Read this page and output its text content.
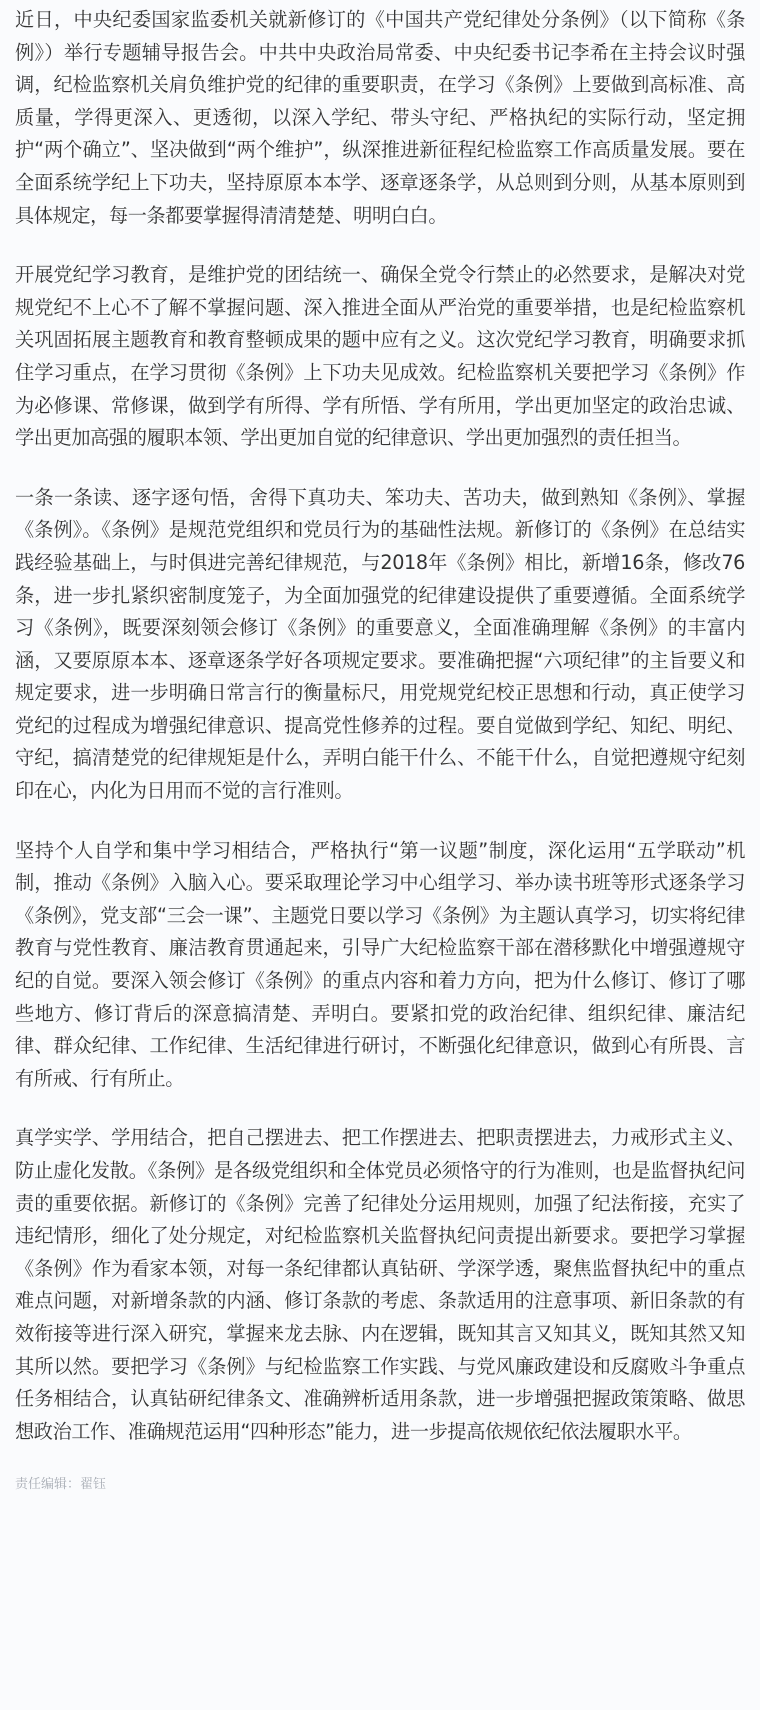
近日，中央纪委国家监委机关就新修订的《中国共产党纪律处分条例》（以下简称《条例》）举行专题辅导报告会。中共中央政治局常委、中央纪委书记李希在主持会议时强调，纪检监察机关肩负维护党的纪律的重要职责，在学习《条例》上要做到高标准、高质量，学得更深入、更透彻，以深入学纪、带头守纪、严格执纪的实际行动，坚定拥护“两个确立”、坚决做到“两个维护”，纵深推进新征程纪检监察工作高质量发展。要在全面系统学纪上下功夫，坚持原原本本学、逐章逐条学，从总则到分则，从基本原则到具体规定，每一条都要掌握得清清楚楚、明明白白。

开展党纪学习教育，是维护党的团结统一、确保全党令行禁止的必然要求，是解决对党规党纪不上心不了解不掌握问题、深入推进全面从严治党的重要举措，也是纪检监察机关巩固拓展主题教育和教育整顿成果的题中应有之义。这次党纪学习教育，明确要求抓住学习重点，在学习贯彻《条例》上下功夫见成效。纪检监察机关要把学习《条例》作为必修课、常修课，做到学有所得、学有所悟、学有所用，学出更加坚定的政治忠诚、学出更加高强的履职本领、学出更加自觉的纪律意识、学出更加强烈的责任担当。

一条一条读、逐字逐句悟，舍得下真功夫、笨功夫、苦功夫，做到熟知《条例》、掌握《条例》。《条例》是规范党组织和党员行为的基础性法规。新修订的《条例》在总结实践经验基础上，与时俱进完善纪律规范，与2018年《条例》相比，新增16条，修改76条，进一步扎紧织密制度笼子，为全面加强党的纪律建设提供了重要遵循。全面系统学习《条例》，既要深刻领会修订《条例》的重要意义，全面准确理解《条例》的丰富内涵，又要原原本本、逐章逐条学好各项规定要求。要准确把握“六项纪律”的主旨要义和规定要求，进一步明确日常言行的衡量标尺，用党规党纪校正思想和行动，真正使学习党纪的过程成为增强纪律意识、提高党性修养的过程。要自觉做到学纪、知纪、明纪、守纪，搞清楚党的纪律规矩是什么，弄明白能干什么、不能干什么，自觉把遵规守纪刻印在心，内化为日用而不觉的言行准则。

坚持个人自学和集中学习相结合，严格执行“第一议题”制度，深化运用“五学联动”机制，推动《条例》入脑入心。要采取理论学习中心组学习、举办读书班等形式逐条学习《条例》，党支部“三会一课”、主题党日要以学习《条例》为主题认真学习，切实将纪律教育与党性教育、廉洁教育贯通起来，引导广大纪检监察干部在潜移默化中增强遵规守纪的自觉。要深入领会修订《条例》的重点内容和着力方向，把为什么修订、修订了哪些地方、修订背后的深意搞清楚、弄明白。要紧扣党的政治纪律、组织纪律、廉洁纪律、群众纪律、工作纪律、生活纪律进行研讨，不断强化纪律意识，做到心有所畏、言有所戒、行有所止。

真学实学、学用结合，把自己摆进去、把工作摆进去、把职责摆进去，力戒形式主义、防止虚化发散。《条例》是各级党组织和全体党员必须恪守的行为准则，也是监督执纪问责的重要依据。新修订的《条例》完善了纪律处分运用规则，加强了纪法衔接，充实了违纪情形，细化了处分规定，对纪检监察机关监督执纪问责提出新要求。要把学习掌握《条例》作为看家本领，对每一条纪律都认真钻研、学深学透，聚焦监督执纪中的重点难点问题，对新增条款的内涵、修订条款的考虑、条款适用的注意事项、新旧条款的有效衔接等进行深入研究，掌握来龙去脉、内在逻辑，既知其言又知其义，既知其然又知其所以然。要把学习《条例》与纪检监察工作实践、与党风廉政建设和反腐败斗争重点任务相结合，认真钻研纪律条文、准确辨析适用条款，进一步增强把握政策策略、做思想政治工作、准确规范运用“四种形态”能力，进一步提高依规依纪依法履职水平。

责任编辑：翟钰
